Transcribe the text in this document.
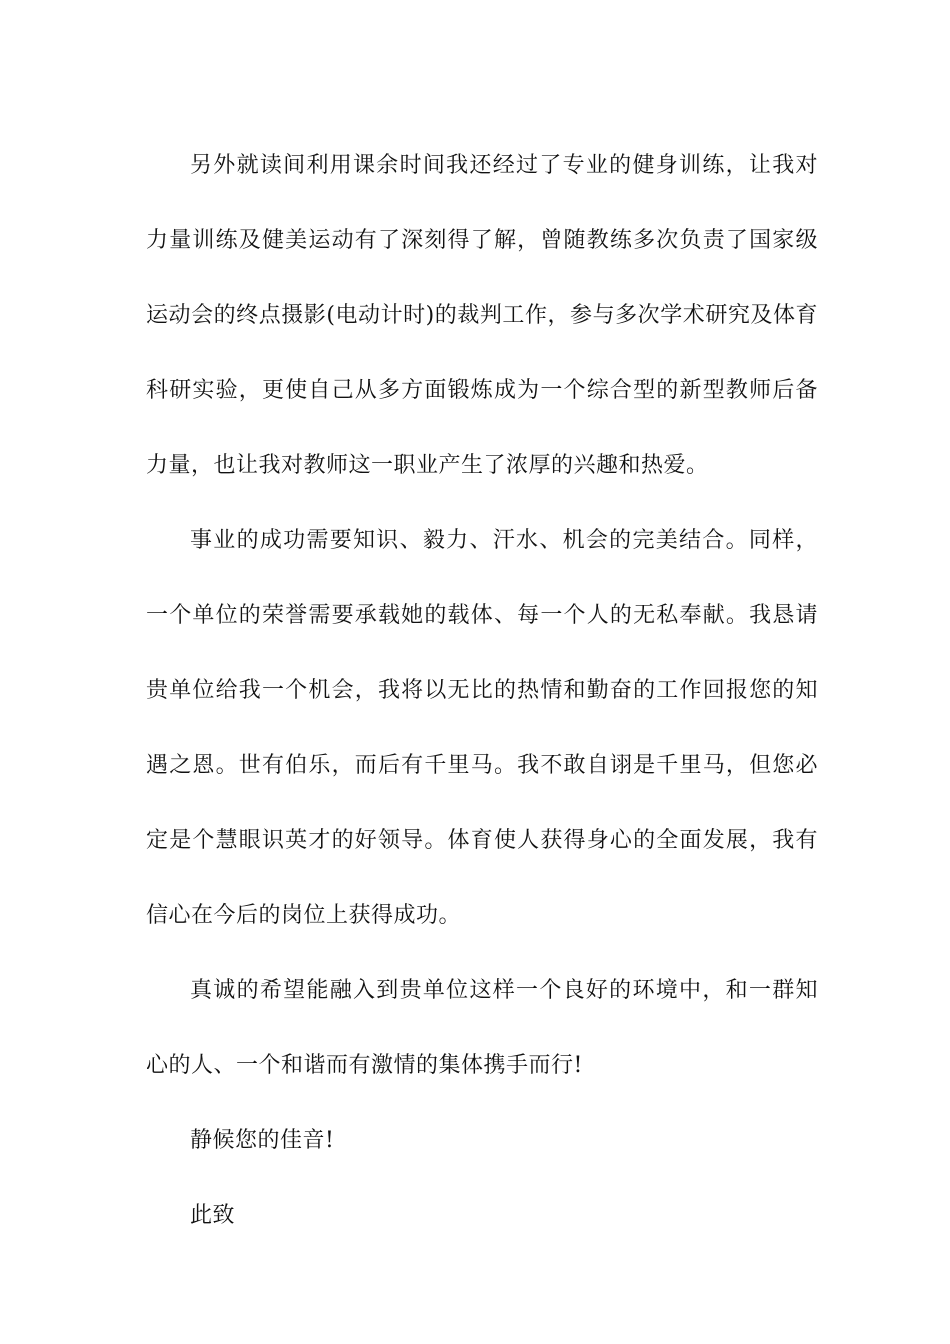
另外就读间利用课余时间我还经过了专业的健身训练，让我对力量训练及健美运动有了深刻得了解，曾随教练多次负责了国家级运动会的终点摄影(电动计时)的裁判工作，参与多次学术研究及体育科研实验，更使自己从多方面锻炼成为一个综合型的新型教师后备力量，也让我对教师这一职业产生了浓厚的兴趣和热爱。

事业的成功需要知识、毅力、汗水、机会的完美结合。同样，一个单位的荣誉需要承载她的载体、每一个人的无私奉献。我恳请贵单位给我一个机会，我将以无比的热情和勤奋的工作回报您的知遇之恩。世有伯乐，而后有千里马。我不敢自诩是千里马，但您必定是个慧眼识英才的好领导。体育使人获得身心的全面发展，我有信心在今后的岗位上获得成功。

真诚的希望能融入到贵单位这样一个良好的环境中，和一群知心的人、一个和谐而有激情的集体携手而行!

静候您的佳音!

此致
